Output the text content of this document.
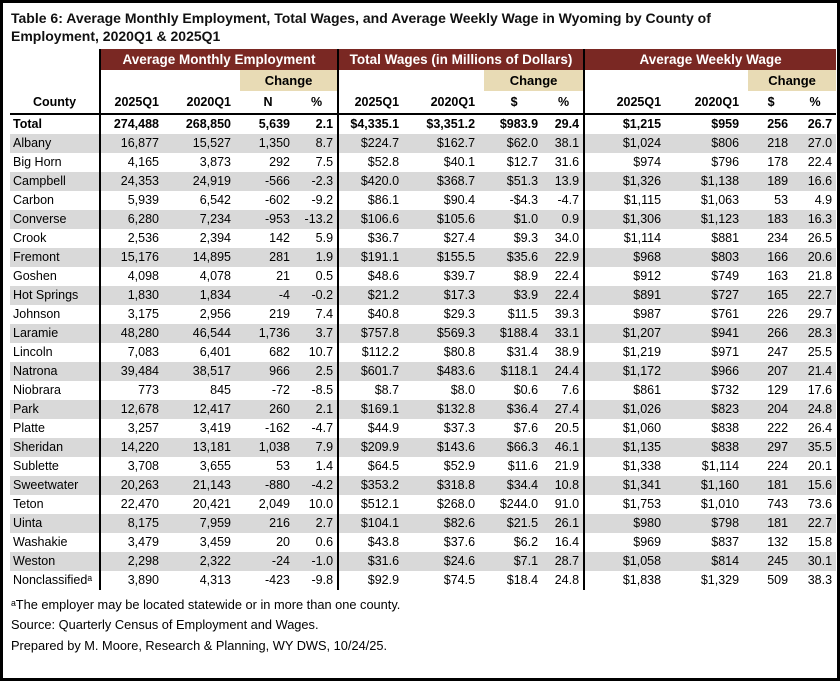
Table 6: Average Monthly Employment, Total Wages, and Average Weekly Wage in Wyoming by County of Employment, 2020Q1 & 2025Q1
	Average Monthly Employment				Total Wages (in Millions of Dollars)				Average Weekly Wage			
			Change				Change				Change	
County	2025Q1	2020Q1	N	%	2025Q1	2020Q1	$	%	2025Q1	2020Q1	$	%
Total	274,488	268,850	5,639	2.1	$4,335.1	$3,351.2	$983.9	29.4	$1,215	$959	256	26.7
Albany	16,877	15,527	1,350	8.7	$224.7	$162.7	$62.0	38.1	$1,024	$806	218	27.0
Big Horn	4,165	3,873	292	7.5	$52.8	$40.1	$12.7	31.6	$974	$796	178	22.4
Campbell	24,353	24,919	-566	-2.3	$420.0	$368.7	$51.3	13.9	$1,326	$1,138	189	16.6
Carbon	5,939	6,542	-602	-9.2	$86.1	$90.4	-$4.3	-4.7	$1,115	$1,063	53	4.9
Converse	6,280	7,234	-953	-13.2	$106.6	$105.6	$1.0	0.9	$1,306	$1,123	183	16.3
Crook	2,536	2,394	142	5.9	$36.7	$27.4	$9.3	34.0	$1,114	$881	234	26.5
Fremont	15,176	14,895	281	1.9	$191.1	$155.5	$35.6	22.9	$968	$803	166	20.6
Goshen	4,098	4,078	21	0.5	$48.6	$39.7	$8.9	22.4	$912	$749	163	21.8
Hot Springs	1,830	1,834	-4	-0.2	$21.2	$17.3	$3.9	22.4	$891	$727	165	22.7
Johnson	3,175	2,956	219	7.4	$40.8	$29.3	$11.5	39.3	$987	$761	226	29.7
Laramie	48,280	46,544	1,736	3.7	$757.8	$569.3	$188.4	33.1	$1,207	$941	266	28.3
Lincoln	7,083	6,401	682	10.7	$112.2	$80.8	$31.4	38.9	$1,219	$971	247	25.5
Natrona	39,484	38,517	966	2.5	$601.7	$483.6	$118.1	24.4	$1,172	$966	207	21.4
Niobrara	773	845	-72	-8.5	$8.7	$8.0	$0.6	7.6	$861	$732	129	17.6
Park	12,678	12,417	260	2.1	$169.1	$132.8	$36.4	27.4	$1,026	$823	204	24.8
Platte	3,257	3,419	-162	-4.7	$44.9	$37.3	$7.6	20.5	$1,060	$838	222	26.4
Sheridan	14,220	13,181	1,038	7.9	$209.9	$143.6	$66.3	46.1	$1,135	$838	297	35.5
Sublette	3,708	3,655	53	1.4	$64.5	$52.9	$11.6	21.9	$1,338	$1,114	224	20.1
Sweetwater	20,263	21,143	-880	-4.2	$353.2	$318.8	$34.4	10.8	$1,341	$1,160	181	15.6
Teton	22,470	20,421	2,049	10.0	$512.1	$268.0	$244.0	91.0	$1,753	$1,010	743	73.6
Uinta	8,175	7,959	216	2.7	$104.1	$82.6	$21.5	26.1	$980	$798	181	22.7
Washakie	3,479	3,459	20	0.6	$43.8	$37.6	$6.2	16.4	$969	$837	132	15.8
Weston	2,298	2,322	-24	-1.0	$31.6	$24.6	$7.1	28.7	$1,058	$814	245	30.1
Nonclassifiedᵃ	3,890	4,313	-423	-9.8	$92.9	$74.5	$18.4	24.8	$1,838	$1,329	509	38.3
ᵃThe employer may be located statewide or in more than one county.
Source: Quarterly Census of Employment and Wages.
Prepared by M. Moore, Research & Planning, WY DWS, 10/24/25.
